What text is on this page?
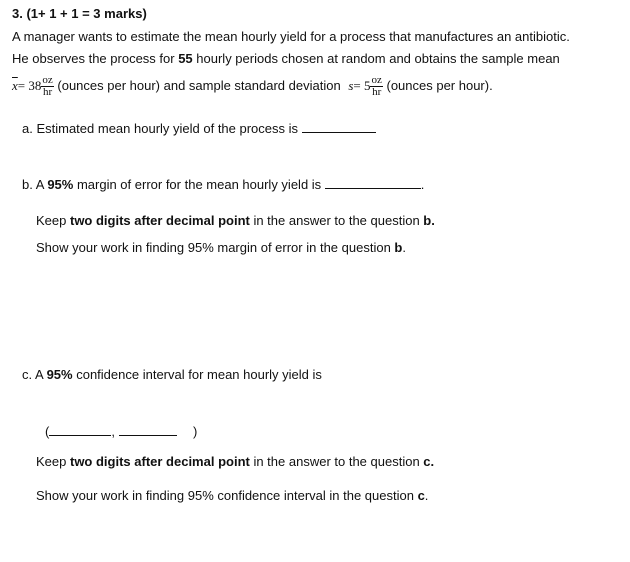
3. (1+ 1 + 1 = 3 marks)
A manager wants to estimate the mean hourly yield for a process that manufactures an antibiotic.
He observes the process for 55 hourly periods chosen at random and obtains the sample mean
$\overline{x}= 38 \frac{oz}{hr}$ (ounces per hour) and sample standard deviation $s= 5 \frac{oz}{hr}$ (ounces per hour).
a. Estimated mean hourly yield of the process is
b. A 95% margin of error for the mean hourly yield is	.
Keep two digits after decimal point in the answer to the question b.
Show your work in finding 95% margin of error in the question b.
c. A 95% confidence interval for mean hourly yield is
(	,	)
Keep two digits after decimal point in the answer to the question c.
Show your work in finding 95% confidence interval in the question c.
